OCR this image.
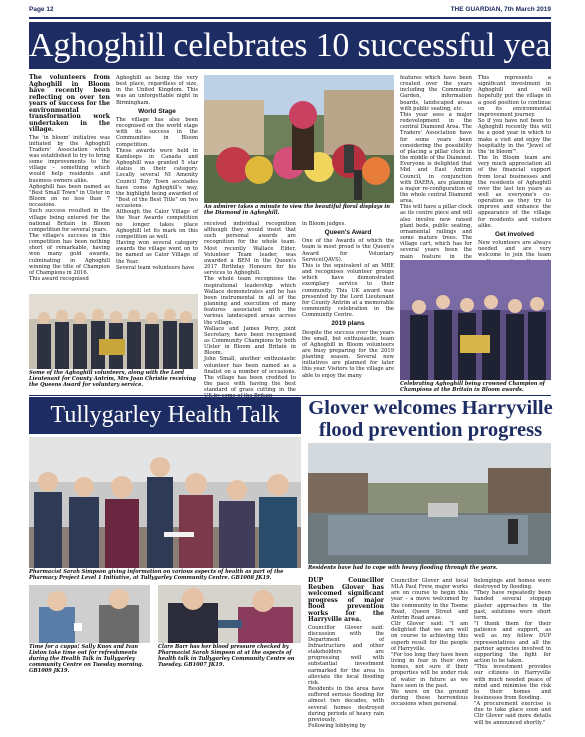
Page 12	THE GUARDIAN, 7th March 2019
Aghoghill celebrates 10 successful years!

The volunteers from Aghoghill in Bloom have recently been reflecting on over ten years of success for the environmental transformation work undertaken in the village.

The 'in bloom' initiative was initiated by the Aghoghill Traders' Association which was established to try to bring some improvements to the village – something which would help residents and business owners alike.

Aghoghill has been named as "Best Small Town" in Ulster in Bloom on no less than 7 occasions.

Such success resulted in the village being entered for the national Britain in Bloom competition for several years.

The village's success in this competition has been nothing short of remarkable, having won many gold awards, culminating in Aghoghill winning the title of Champion of Champions in 2016.

This award recognised

Aghoghill as being the very best place, regardless of size, in the United Kingdom. This was an unforgettable night in Birmingham.

World Stage

The village has also been recognised on the world stage with its success in the Communities in Bloom competition.

These awards were held in Kamloops in Canada and Aghoghill was granted 5 star status in their category. Locally several NI Amenity Council Tidy Town accolades have come Aghoghill's way, the highlight being awarded of "Best of the Best Title" on two occasions.

Although the Calor Village of the Year Awards competition no longer takes place Aghoghill let its mark on this competition as well.

Having won several category awards the village went on to be named as Calor Village of the Year.

Several team volunteers have

An admirer takes a minute to view the beautiful floral displays in the Diamond in Aghoghill.

received individual recognition although they would insist that such personal awards are recognition for the whole team. Most recently Wallace Elder, Volunteer Team leader, was awarded a BEM in the Queen's 2017 Birthday Honours for his services to Aghoghill.

The whole team recognises the inspirational leadership which Wallace demonstrates and he has been instrumental in all of the planning and execution of many features associated with the various landscaped areas across the village.

Wallace and James Perry, joint Secretary, have been recognised as Community Champions by both Ulster in Bloom and Britain in Bloom.

John Small, another enthusiastic volunteer has been named as a finalist on a number of occasions. The village has been credited to the pace with having the best standard of grass cutting in the

in Bloom judges.

Queen's Award

One of the Awards of which the team is most proud is the Queen's Award for Voluntary Service(QAVS).

This is the equivalent of an MBE and recognises volunteer groups which have demonstrated exemplary service to their community. This UK award was presented by the Lord Lieutenant for County Antrim at a memorable community celebration in the Community Centre.

2019 plans

Despite the success over the years the small, but enthusiastic, team of Aghoghill in Bloom volunteers are busy preparing for the 2019 planting season. Several new initiatives are planned for later this year. Visitors to the village are able to enjoy the many

features which have been created over the years including the Community Garden, information boards, landscaped areas with public seating, etc.

This year sees a major redevelopment in the central Diamond Area. The Traders' Association have for some years been considering the possibility of placing a pillar clock in the middle of the Diamond.

Everyone is delighted that Mid and East Antrim Council, in conjunction with DAERA, are planning a major re-configuration of the whole central Diamond area.

This will have a pillar clock as its centre piece and will also involve new raised plant beds, public seating, ornamental railings and some mature trees. The village cart, which has for several years been the main feature in the

This represents a significant investment in Aghoghill and will hopefully put the village in a good position to continue on its environmental improvement journey.

So if you have not been to Aghoghill recently this will be a good year in which to make a visit and enjoy the hospitality in the "Jewel of the 'in bloom'".

The In Bloom team are very much appreciation all of the financial support from local businesses and the residents of Aghoghill over the last ten years as well as everyone's co-operation as they try to improve and enhance the appearance of the village for residents and visitors alike.

Get involved

New volunteers are always needed and are very welcome to join the team

Some of the Aghoghill volunteers, along with the Lord Lieutenant for County Antrim, Mrs Joan Christie receiving the Queens Award for voluntary service.	Celebrating Aghoghill being crowned Champion of Champions at the Britain in Bloom awards.
Tullygarley Health Talk
Pharmacist Sarah Simpson giving information on various aspects of health as part of the Pharmacy Project Level 1 Initiative, at Tullygarley Community Centre. GB1008 JK19.
Time for a cuppa! Sally Knox and Ivan Liston take time out for refreshments during the Health Talk in Tullygarley community Centre on Tuesday morning. GB1009 JK19.
Clare Barr has her blood pressure checked by Pharmacist Sarah Simpson at at the aspects of health talk in Tullygarley Community Centre on Tuesday. GB1007 JK19.
Glover welcomes Harryville flood prevention progress
Residents have had to cope with heavy flooding through the years.

DUP Councillor Reuben Glover has welcomed significant progress of major flood prevention works for the Harryville area.

Councillor Glover said: discussion with the Department of Infrastructure and other stakeholders are progressing well with substantial investment earmarked for the area to alleviate the local flooding risk.

Residents in the area have suffered serious flooding for almost two decades, with several homes destroyed during periods of heavy rain previously.

Following lobbying by

Councillor Glover and local MLA Paul Frew, major works are on course to begin this year – a move welcomed by the community in the Toome Road, Queen Street and Antrim Road areas.

Cllr Glover said: "I am delighted that we are well on course to achieving this superb result for the people of Harryville.

"For too long they have been living in fear in their own homes, not sure if their properties will be under risk of water in future as we have seen in the past.

We were on the ground during those horrendous occasions when personal

belongings and homes were destroyed by flooding.

"They have repeatedly been handed several stopgap plaster approaches in the past, solutions were short term.

"I thank them for their patience and support, as well as my fellow DUP representatives and all the partner agencies involved in supporting the fight for action to be taken.

"This investment provides our citizens in Harryville with much needed peace of mind and minimise the risk to their homes and businesses from flooding.

"A procurement exercise is due to take place soon and Cllr Glover said more details will be announced shortly."
